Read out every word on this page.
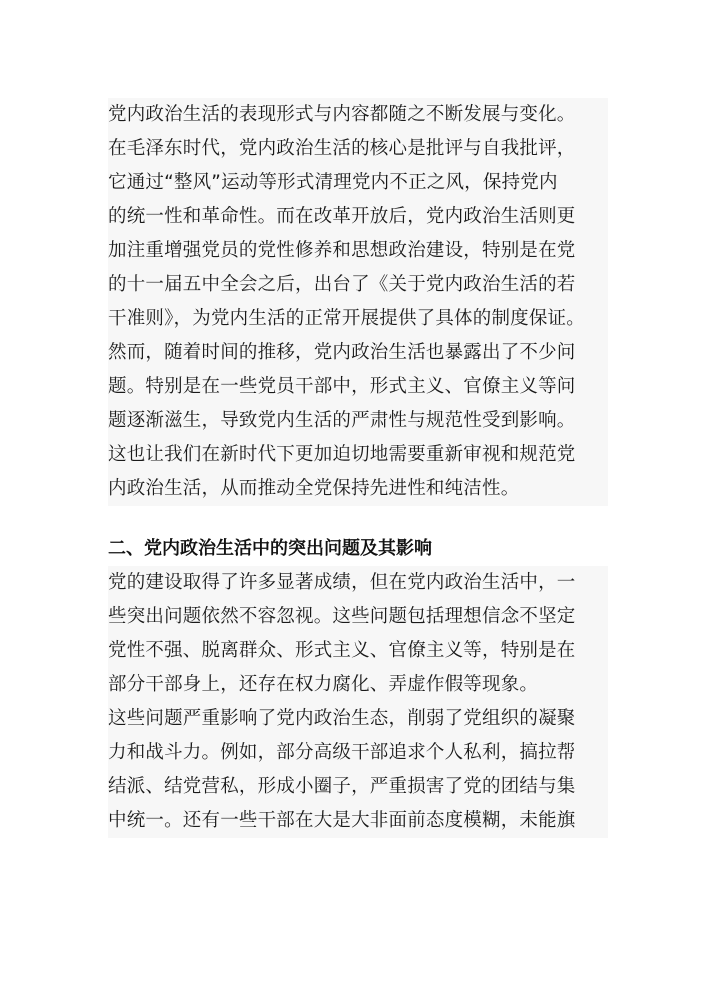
党内政治生活的表现形式与内容都随之不断发展与变化。
在毛泽东时代，党内政治生活的核心是批评与自我批评，
它通过“整风”运动等形式清理党内不正之风，保持党内
的统一性和革命性。而在改革开放后，党内政治生活则更
加注重增强党员的党性修养和思想政治建设，特别是在党
的十一届五中全会之后，出台了《关于党内政治生活的若
干准则》，为党内生活的正常开展提供了具体的制度保证。
然而，随着时间的推移，党内政治生活也暴露出了不少问
题。特别是在一些党员干部中，形式主义、官僚主义等问
题逐渐滋生，导致党内生活的严肃性与规范性受到影响。
这也让我们在新时代下更加迫切地需要重新审视和规范党
内政治生活，从而推动全党保持先进性和纯洁性。
二、党内政治生活中的突出问题及其影响
党的建设取得了许多显著成绩，但在党内政治生活中，一
些突出问题依然不容忽视。这些问题包括理想信念不坚定
党性不强、脱离群众、形式主义、官僚主义等，特别是在
部分干部身上，还存在权力腐化、弄虚作假等现象。
这些问题严重影响了党内政治生态，削弱了党组织的凝聚
力和战斗力。例如，部分高级干部追求个人私利，搞拉帮
结派、结党营私，形成小圈子，严重损害了党的团结与集
中统一。还有一些干部在大是大非面前态度模糊，未能旗
